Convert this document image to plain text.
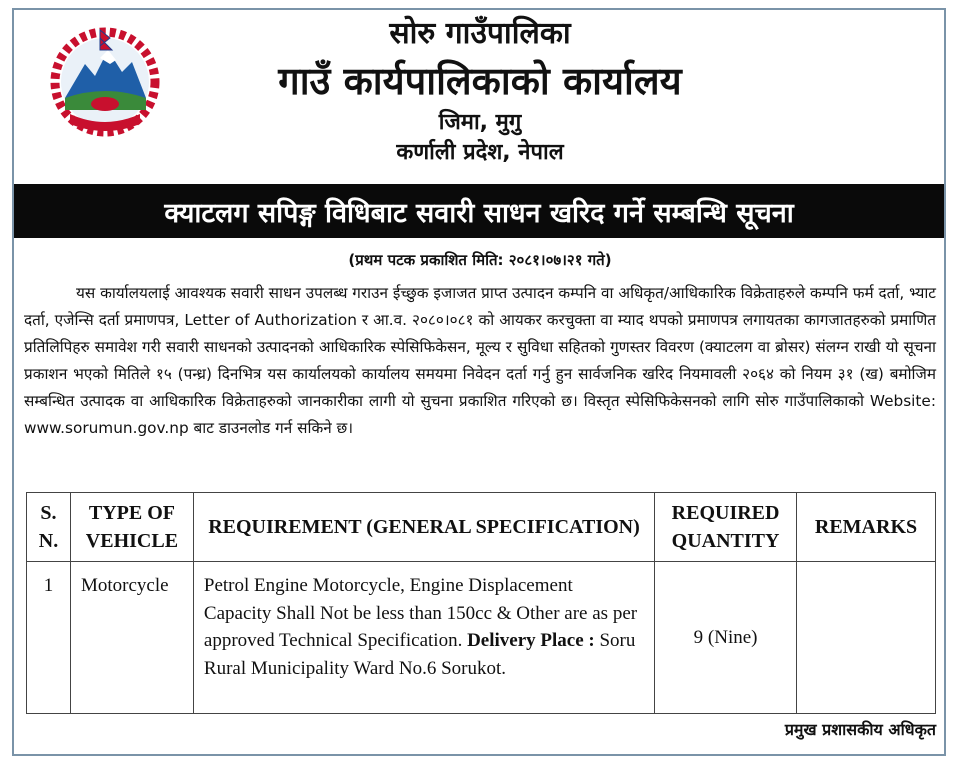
सोरु गाउँपालिका
गाउँ कार्यपालिकाको कार्यालय
जिमा, मुगु
कर्णाली प्रदेश, नेपाल
क्याटलग सपिङ्ग विधिबाट सवारी साधन खरिद गर्ने सम्बन्धि सूचना
(प्रथम पटक प्रकाशित मिति: २०८१।०७।२१ गते)
यस कार्यालयलाई आवश्यक सवारी साधन उपलब्ध गराउन ईच्छुक इजाजत प्राप्त उत्पादन कम्पनि वा अधिकृत/आधिकारिक विक्रेताहरुले कम्पनि फर्म दर्ता, भ्याट दर्ता, एजेन्सि दर्ता प्रमाणपत्र, Letter of Authorization र आ.व. २०८०।०८१ को आयकर करचुक्ता वा म्याद थपको प्रमाणपत्र लगायतका कागजातहरुको प्रमाणित प्रतिलिपिहरु समावेश गरी सवारी साधनको उत्पादनको आधिकारिक स्पेसिफिकेसन, मूल्य र सुविधा सहितको गुणस्तर विवरण (क्याटलग वा ब्रोसर) संलग्न राखी यो सूचना प्रकाशन भएको मितिले १५ (पन्ध्र) दिनभित्र यस कार्यालयको कार्यालय समयमा निवेदन दर्ता गर्नु हुन सार्वजनिक खरिद नियमावली २०६४ को नियम ३१ (ख) बमोजिम सम्बन्धित उत्पादक वा आधिकारिक विक्रेताहरुको जानकारीका लागी यो सुचना प्रकाशित गरिएको छ। विस्तृत स्पेसिफिकेसनको लागि सोरु गाउँपालिकाको Website: www.sorumun.gov.np बाट डाउनलोड गर्न सकिने छ।
S. N.	TYPE OF VEHICLE	REQUIREMENT (GENERAL SPECIFICATION)	REQUIRED QUANTITY	REMARKS
1	Motorcycle	Petrol Engine Motorcycle, Engine Displacement Capacity Shall Not be less than 150cc & Other are as per approved Technical Specification. Delivery Place : Soru Rural Municipality Ward No.6 Sorukot.	9 (Nine)	
प्रमुख प्रशासकीय अधिकृत
